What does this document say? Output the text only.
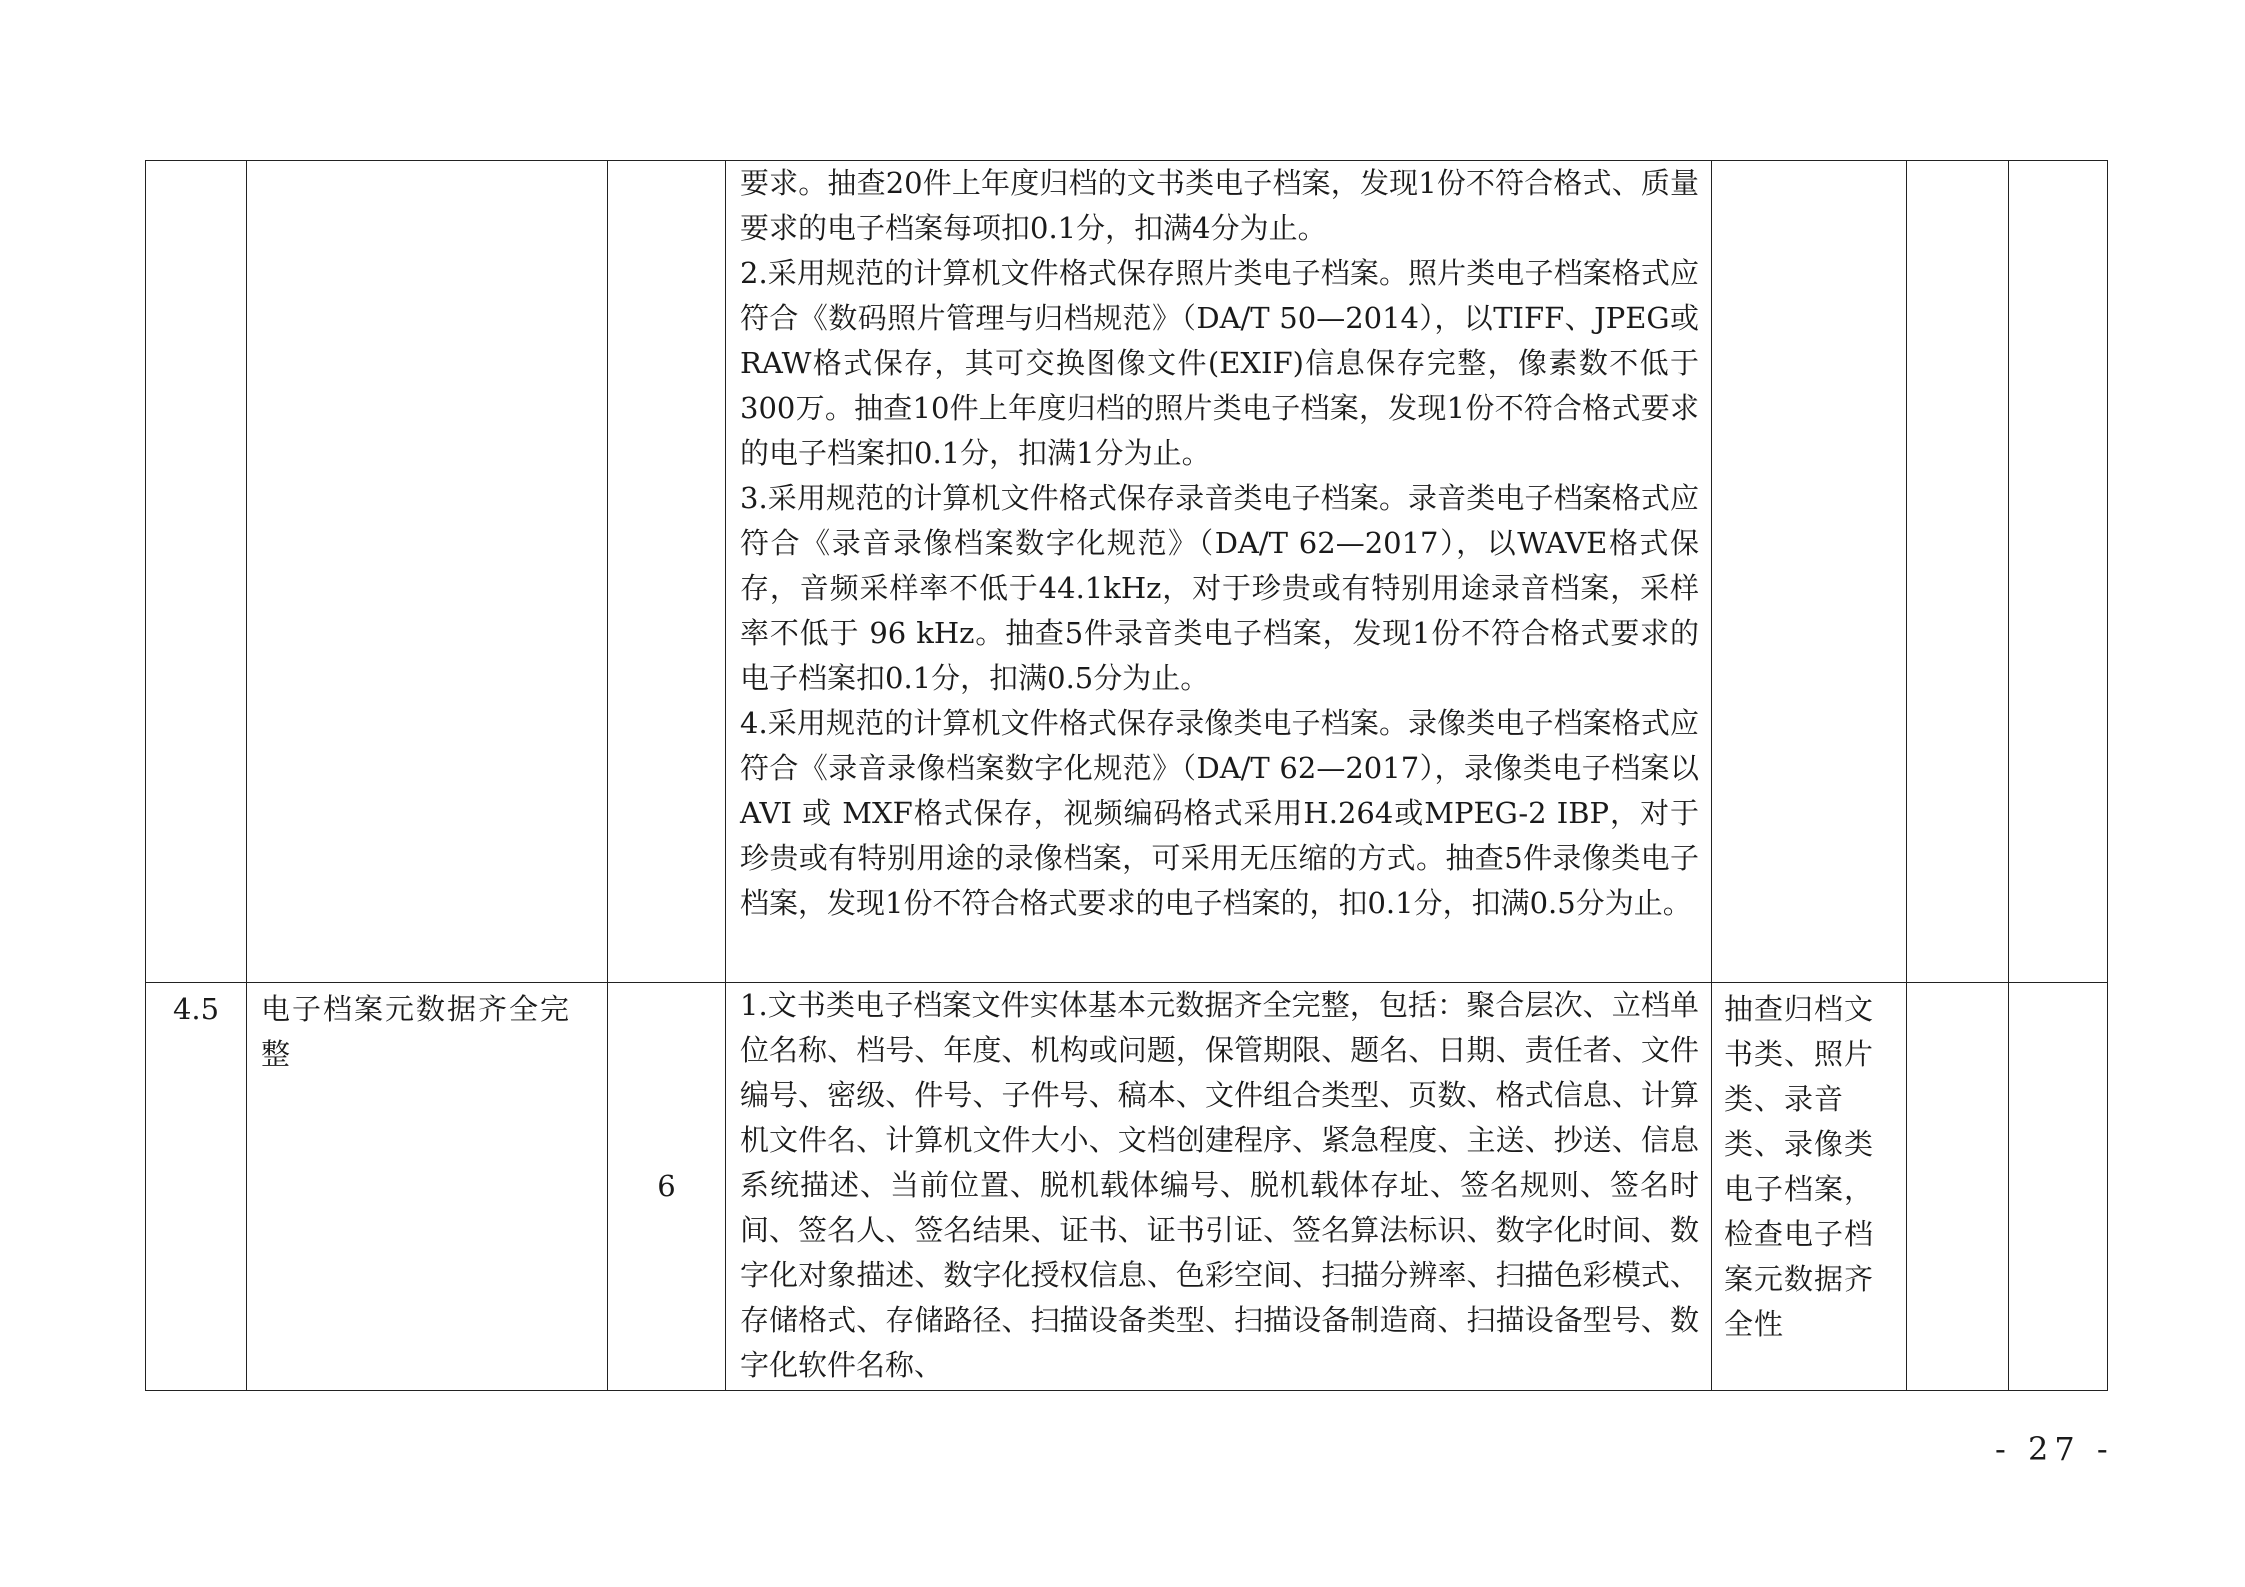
			要求。抽查20件上年度归档的文书类电子档案，发现1份不符合格式、质量要求的电子档案每项扣0.1分，扣满4分为止。
2.采用规范的计算机文件格式保存照片类电子档案。照片类电子档案格式应符合《数码照片管理与归档规范》（DA/T 50—2014），以TIFF、JPEG或RAW格式保存，其可交换图像文件(EXIF)信息保存完整，像素数不低于300万。抽查10件上年度归档的照片类电子档案，发现1份不符合格式要求的电子档案扣0.1分，扣满1分为止。
3.采用规范的计算机文件格式保存录音类电子档案。录音类电子档案格式应符合《录音录像档案数字化规范》（DA/T 62—2017），以WAVE格式保存，音频采样率不低于44.1kHz，对于珍贵或有特别用途录音档案，采样率不低于 96 kHz。抽查5件录音类电子档案，发现1份不符合格式要求的电子档案扣0.1分，扣满0.5分为止。
4.采用规范的计算机文件格式保存录像类电子档案。录像类电子档案格式应符合《录音录像档案数字化规范》（DA/T 62—2017），录像类电子档案以 AVI 或 MXF格式保存，视频编码格式采用H.264或MPEG-2 IBP，对于珍贵或有特别用途的录像档案，可采用无压缩的方式。抽查5件录像类电子档案，发现1份不符合格式要求的电子档案的，扣0.1分，扣满0.5分为止。			

4.5	电子档案元数据齐全完整	6	1.文书类电子档案文件实体基本元数据齐全完整，包括：聚合层次、立档单位名称、档号、年度、机构或问题，保管期限、题名、日期、责任者、文件编号、密级、件号、子件号、稿本、文件组合类型、页数、格式信息、计算机文件名、计算机文件大小、文档创建程序、紧急程度、主送、抄送、信息系统描述、当前位置、脱机载体编号、脱机载体存址、签名规则、签名时间、签名人、签名结果、证书、证书引证、签名算法标识、数字化时间、数字化对象描述、数字化授权信息、色彩空间、扫描分辨率、扫描色彩模式、存储格式、存储路径、扫描设备类型、扫描设备制造商、扫描设备型号、数字化软件名称、	抽查归档文书类、照片类、录音类、录像类电子档案，检查电子档案元数据齐全性		
- 27 -
